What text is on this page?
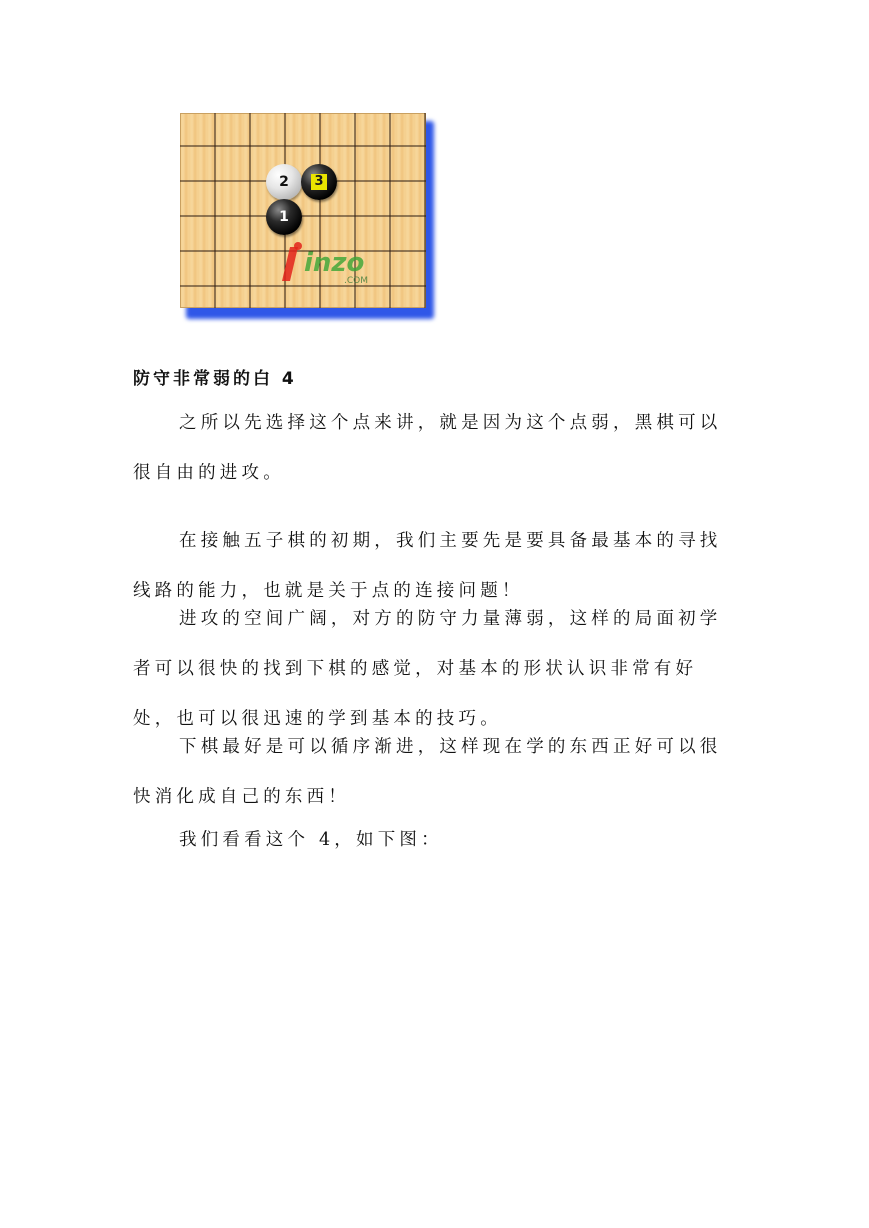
inzo
.COM
2 3
1
防守非常弱的白 4
之所以先选择这个点来讲，就是因为这个点弱，黑棋可以很自由的进攻。
在接触五子棋的初期，我们主要先是要具备最基本的寻找线路的能力，也就是关于点的连接问题！
进攻的空间广阔，对方的防守力量薄弱，这样的局面初学者可以很快的找到下棋的感觉，对基本的形状认识非常有好处，也可以很迅速的学到基本的技巧。
下棋最好是可以循序渐进，这样现在学的东西正好可以很快消化成自己的东西！
我们看看这个 4，如下图：
